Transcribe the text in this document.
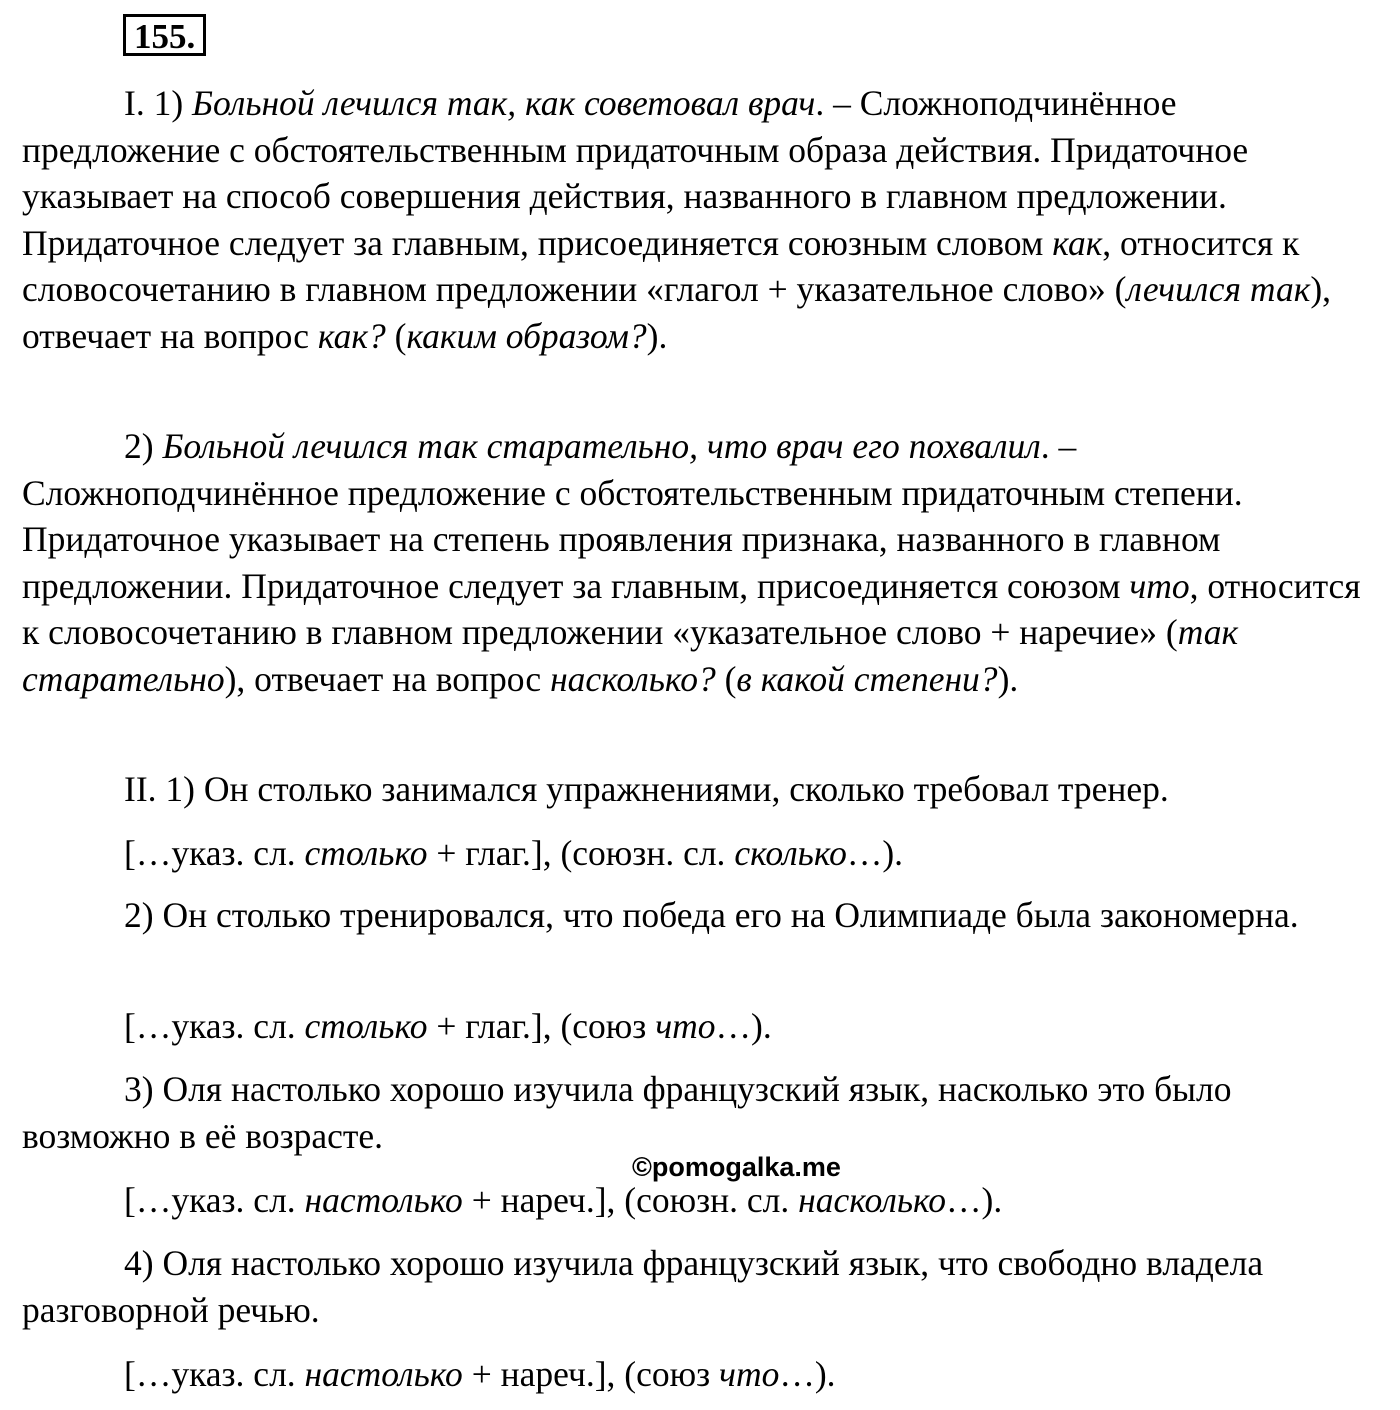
155.

I. 1) Больной лечился так, как советовал врач. – Сложноподчинённое предложение с обстоятельственным придаточным образа действия. Придаточное указывает на способ совершения действия, названного в главном предложении. Придаточное следует за главным, присоединяется союзным словом как, относится к словосочетанию в главном предложении «глагол + указательное слово» (лечился так), отвечает на вопрос как? (каким образом?).

2) Больной лечился так старательно, что врач его похвалил. – Сложноподчинённое предложение с обстоятельственным придаточным степени. Придаточное указывает на степень проявления признака, названного в главном предложении. Придаточное следует за главным, присоединяется союзом что, относится к словосочетанию в главном предложении «указательное слово + наречие» (так старательно), отвечает на вопрос насколько? (в какой степени?).

II. 1) Он столько занимался упражнениями, сколько требовал тренер.

[…указ. сл. столько + глаг.], (союзн. сл. сколько…).

2) Он столько тренировался, что победа его на Олимпиаде была закономерна.

[…указ. сл. столько + глаг.], (союз что…).

3) Оля настолько хорошо изучила французский язык, насколько это было возможно в её возрасте.

©pomogalka.me
[…указ. сл. настолько + нареч.], (союзн. сл. насколько…).

4) Оля настолько хорошо изучила французский язык, что свободно владела разговорной речью.

[…указ. сл. настолько + нареч.], (союз что…).
